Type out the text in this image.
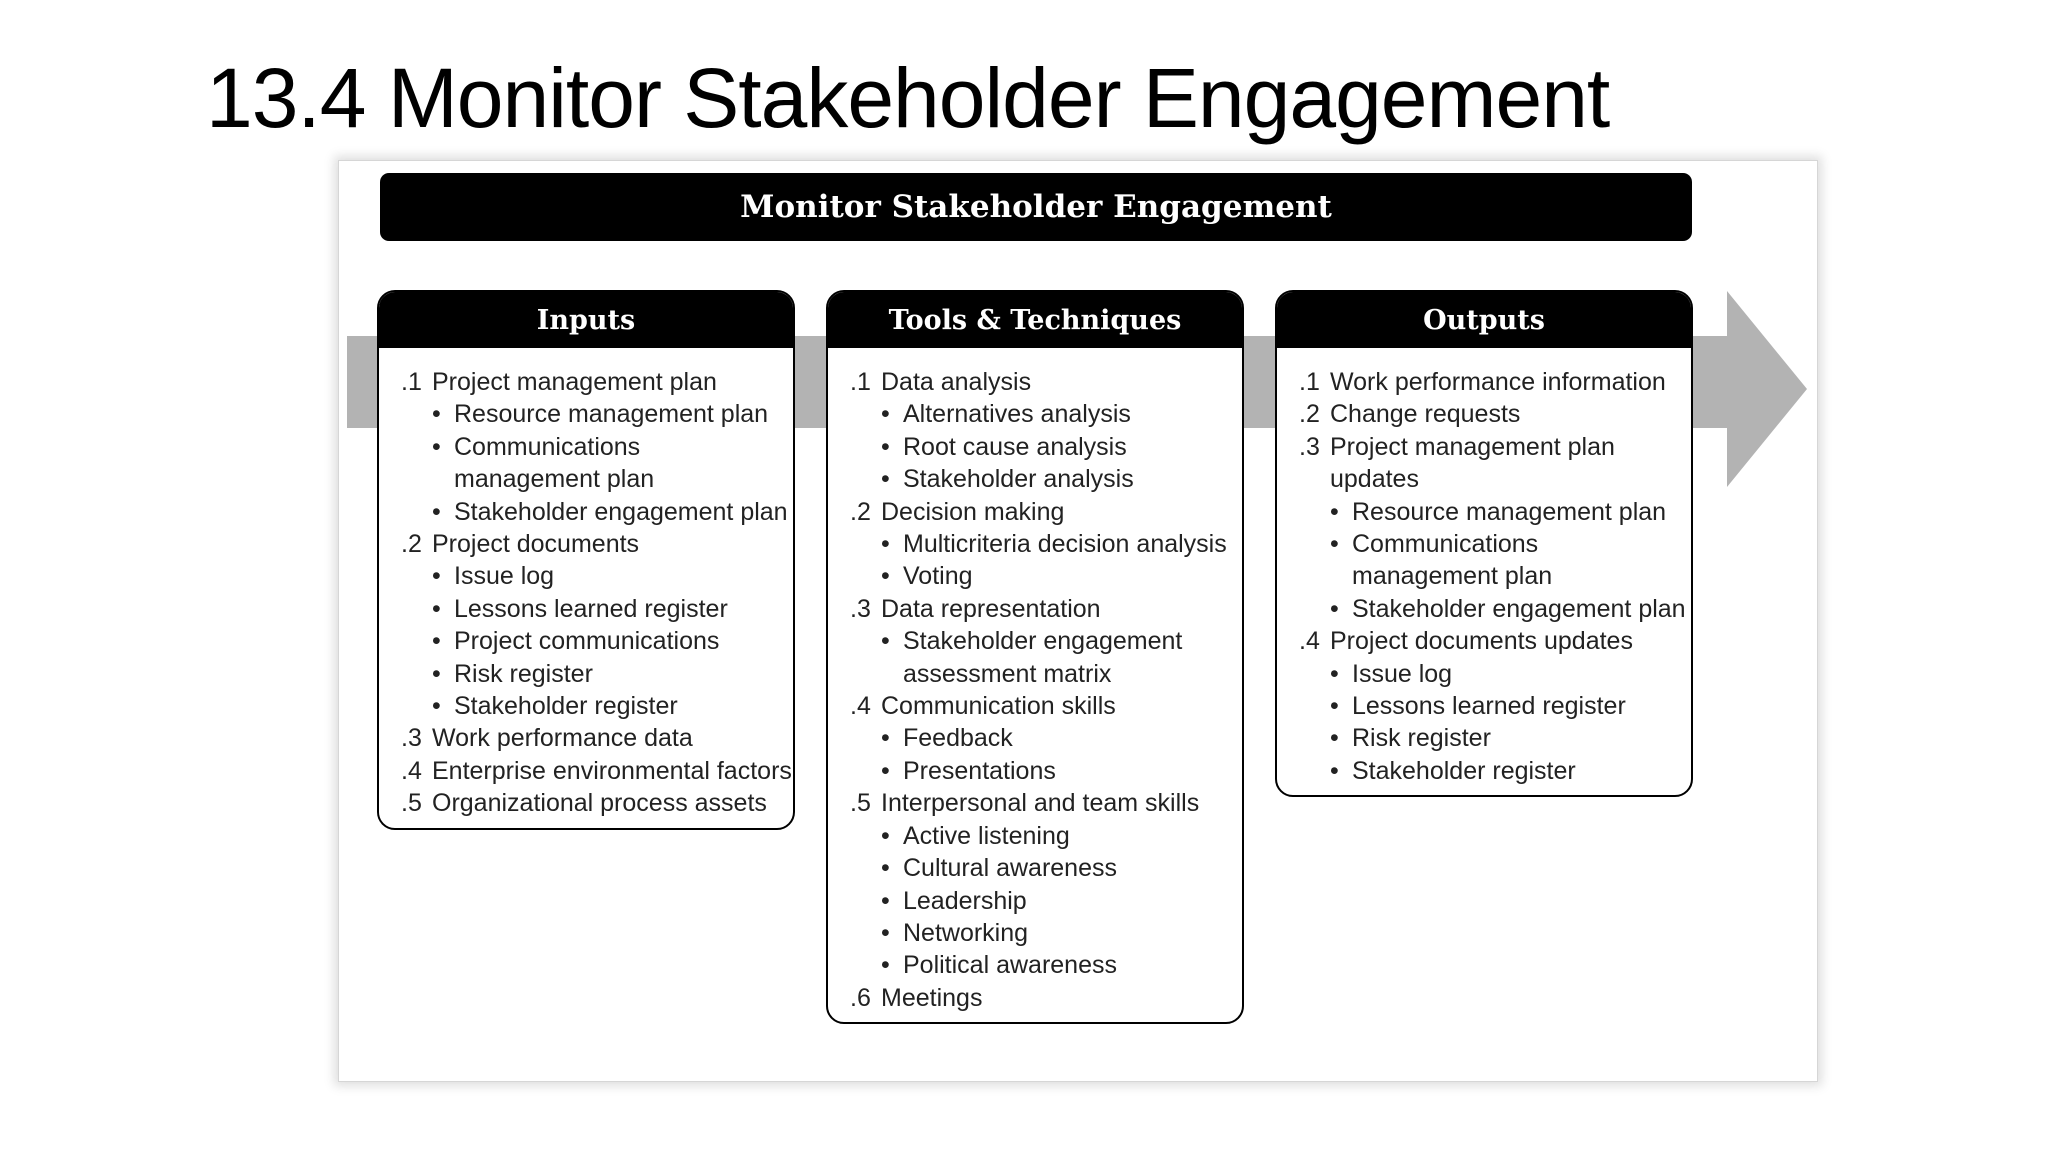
13.4 Monitor Stakeholder Engagement
Monitor Stakeholder Engagement
Inputs
.1 Project management plan
• Resource management plan
• Communications management plan
• Stakeholder engagement plan
.2 Project documents
• Issue log
• Lessons learned register
• Project communications
• Risk register
• Stakeholder register
.3 Work performance data
.4 Enterprise environmental factors
.5 Organizational process assets
Tools & Techniques
.1 Data analysis
• Alternatives analysis
• Root cause analysis
• Stakeholder analysis
.2 Decision making
• Multicriteria decision analysis
• Voting
.3 Data representation
• Stakeholder engagement assessment matrix
.4 Communication skills
• Feedback
• Presentations
.5 Interpersonal and team skills
• Active listening
• Cultural awareness
• Leadership
• Networking
• Political awareness
.6 Meetings
Outputs
.1 Work performance information
.2 Change requests
.3 Project management plan updates
• Resource management plan
• Communications management plan
• Stakeholder engagement plan
.4 Project documents updates
• Issue log
• Lessons learned register
• Risk register
• Stakeholder register
